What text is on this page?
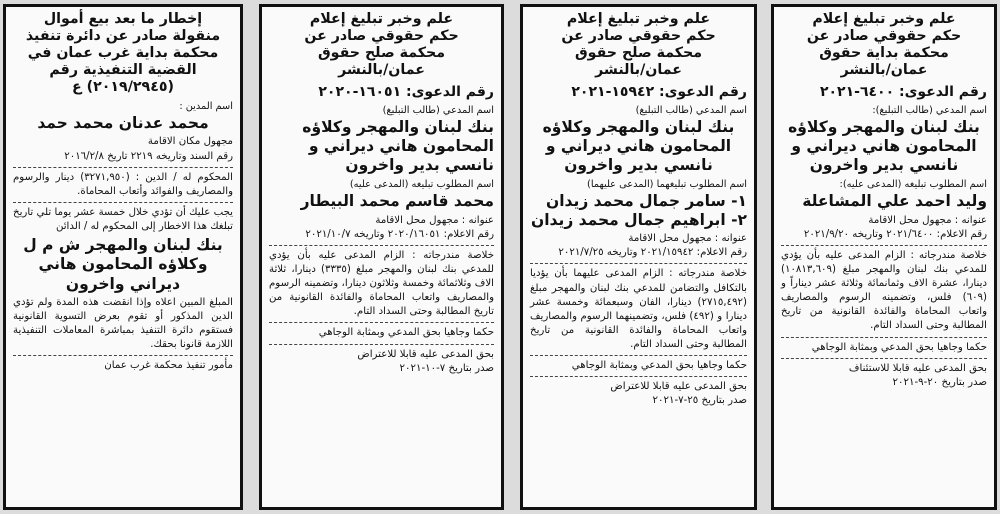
علم وخبر تبليغ إعلام

حكم حقوقي صادر عن

محكمة بداية حقوق

عمان/بالنشر

رقم الدعوى: ٦٤٠٠-٢٠٢١
اسم المدعي (طالب التبليغ):

بنك لبنان والمهجر وكلاؤه

المحامون هاني ديراني و

نانسي بدير واخرون

اسم المطلوب تبليغه (المدعى عليه):
وليد احمد علي المشاعلة

عنوانه : مجهول محل الاقامة

رقم الاعلام: ٢٠٢١/٦٤٠٠ وتاريخه ٢٠٢١/٩/٢٠

خلاصة مندرجاته : الزام المدعى عليه بأن يؤدي للمدعي بنك لبنان والمهجر مبلغ (١٠٨١٣,٦٠٩) دينارا، عشرة الاف وثمانمائة وثلاثة عشر ديناراً و (٦٠٩) فلس، وتضمينه الرسوم والمصاريف واتعاب المحاماة والفائدة القانونية من تاريخ المطالبة وحتى السداد التام.

حكما وجاهيا بحق المدعي وبمثابة الوجاهي

بحق المدعى عليه قابلا للاستئناف

صدر بتاريخ ٢٠-٩-٢٠٢١

علم وخبر تبليغ إعلام

حكم حقوقي صادر عن

محكمة صلح حقوق

عمان/بالنشر

رقم الدعوى: ١٥٩٤٢-٢٠٢١
اسم المدعي (طالب التبليغ)

بنك لبنان والمهجر وكلاؤه

المحامون هاني ديراني و

نانسي بدير واخرون

اسم المطلوب تبليغهما (المدعى عليهما)

١- سامر جمال محمد زيدان

٢- ابراهيم جمال محمد زيدان

عنوانه : مجهول محل الاقامة

رقم الاعلام: ٢٠٢١/١٥٩٤٢ وتاريخه ٢٠٢١/٧/٢٥

خلاصة مندرجاته : الزام المدعى عليهما بأن يؤديا بالتكافل والتضامن للمدعي بنك لبنان والمهجر مبلغ (٢٧١٥,٤٩٢) دينارا، الفان وسبعمائة وخمسة عشر دينارا و (٤٩٢) فلس، وتضمينهما الرسوم والمصاريف واتعاب المحاماة والفائدة القانونية من تاريخ المطالبة وحتى السداد التام.

حكما وجاهيا بحق المدعي وبمثابة الوجاهي

بحق المدعى عليه قابلا للاعتراض

صدر بتاريخ ٢٥-٧-٢٠٢١

علم وخبر تبليغ إعلام

حكم حقوقي صادر عن

محكمة صلح حقوق

عمان/بالنشر

رقم الدعوى: ١٦٠٥١-٢٠٢٠
اسم المدعي (طالب التبليغ)

بنك لبنان والمهجر وكلاؤه

المحامون هاني ديراني و

نانسي بدير واخرون

اسم المطلوب تبليغه (المدعى عليه)
محمد قاسم محمد البيطار

عنوانه : مجهول محل الاقامة

رقم الاعلام: ٢٠٢٠/١٦٠٥١ وتاريخه ٢٠٢١/١٠/٧

خلاصة مندرجاته : الزام المدعى عليه بأن يؤدي للمدعي بنك لبنان والمهجر مبلغ (٣٣٣٥) دينارا، ثلاثة الاف وثلاثمائة وخمسة وثلاثون دينارا، وتضمينه الرسوم والمصاريف واتعاب المحاماة والفائدة القانونية من تاريخ المطالبة وحتى السداد التام.

حكما وجاهيا بحق المدعي وبمثابة الوجاهي

بحق المدعى عليه قابلا للاعتراض

صدر بتاريخ ٧-١٠-٢٠٢١

إخطار ما بعد بيع أموال

منقولة صادر عن دائرة تنفيذ

محكمة بداية غرب عمان في

القضية التنفيذية رقم

(٢٠١٩/٢٩٤٥) ع

اسم المدين :
محمد عدنان محمد حمد

مجهول مكان الاقامة

رقم السند وتاريخه ٢٢١٩ تاريخ ٢٠١٦/٢/٨

المحكوم له / الدين : (٣٢٧١,٩٥٠) دينار والرسوم والمصاريف والفوائد وأتعاب المحاماة.
يجب عليك أن تؤدي خلال خمسة عشر يوما تلي تاريخ تبلغك هذا الاخطار إلى المحكوم له / الدائن

بنك لبنان والمهجر ش م ل

وكلاؤه المحامون هاني

ديراني واخرون

المبلغ المبين اعلاه وإذا انقضت هذه المدة ولم تؤدي الدين المذكور أو تقوم بعرض التسوية القانونية فستقوم دائرة التنفيذ بمباشرة المعاملات التنفيذية اللازمة قانونا بحقك.
مأمور تنفيذ محكمة غرب عمان
